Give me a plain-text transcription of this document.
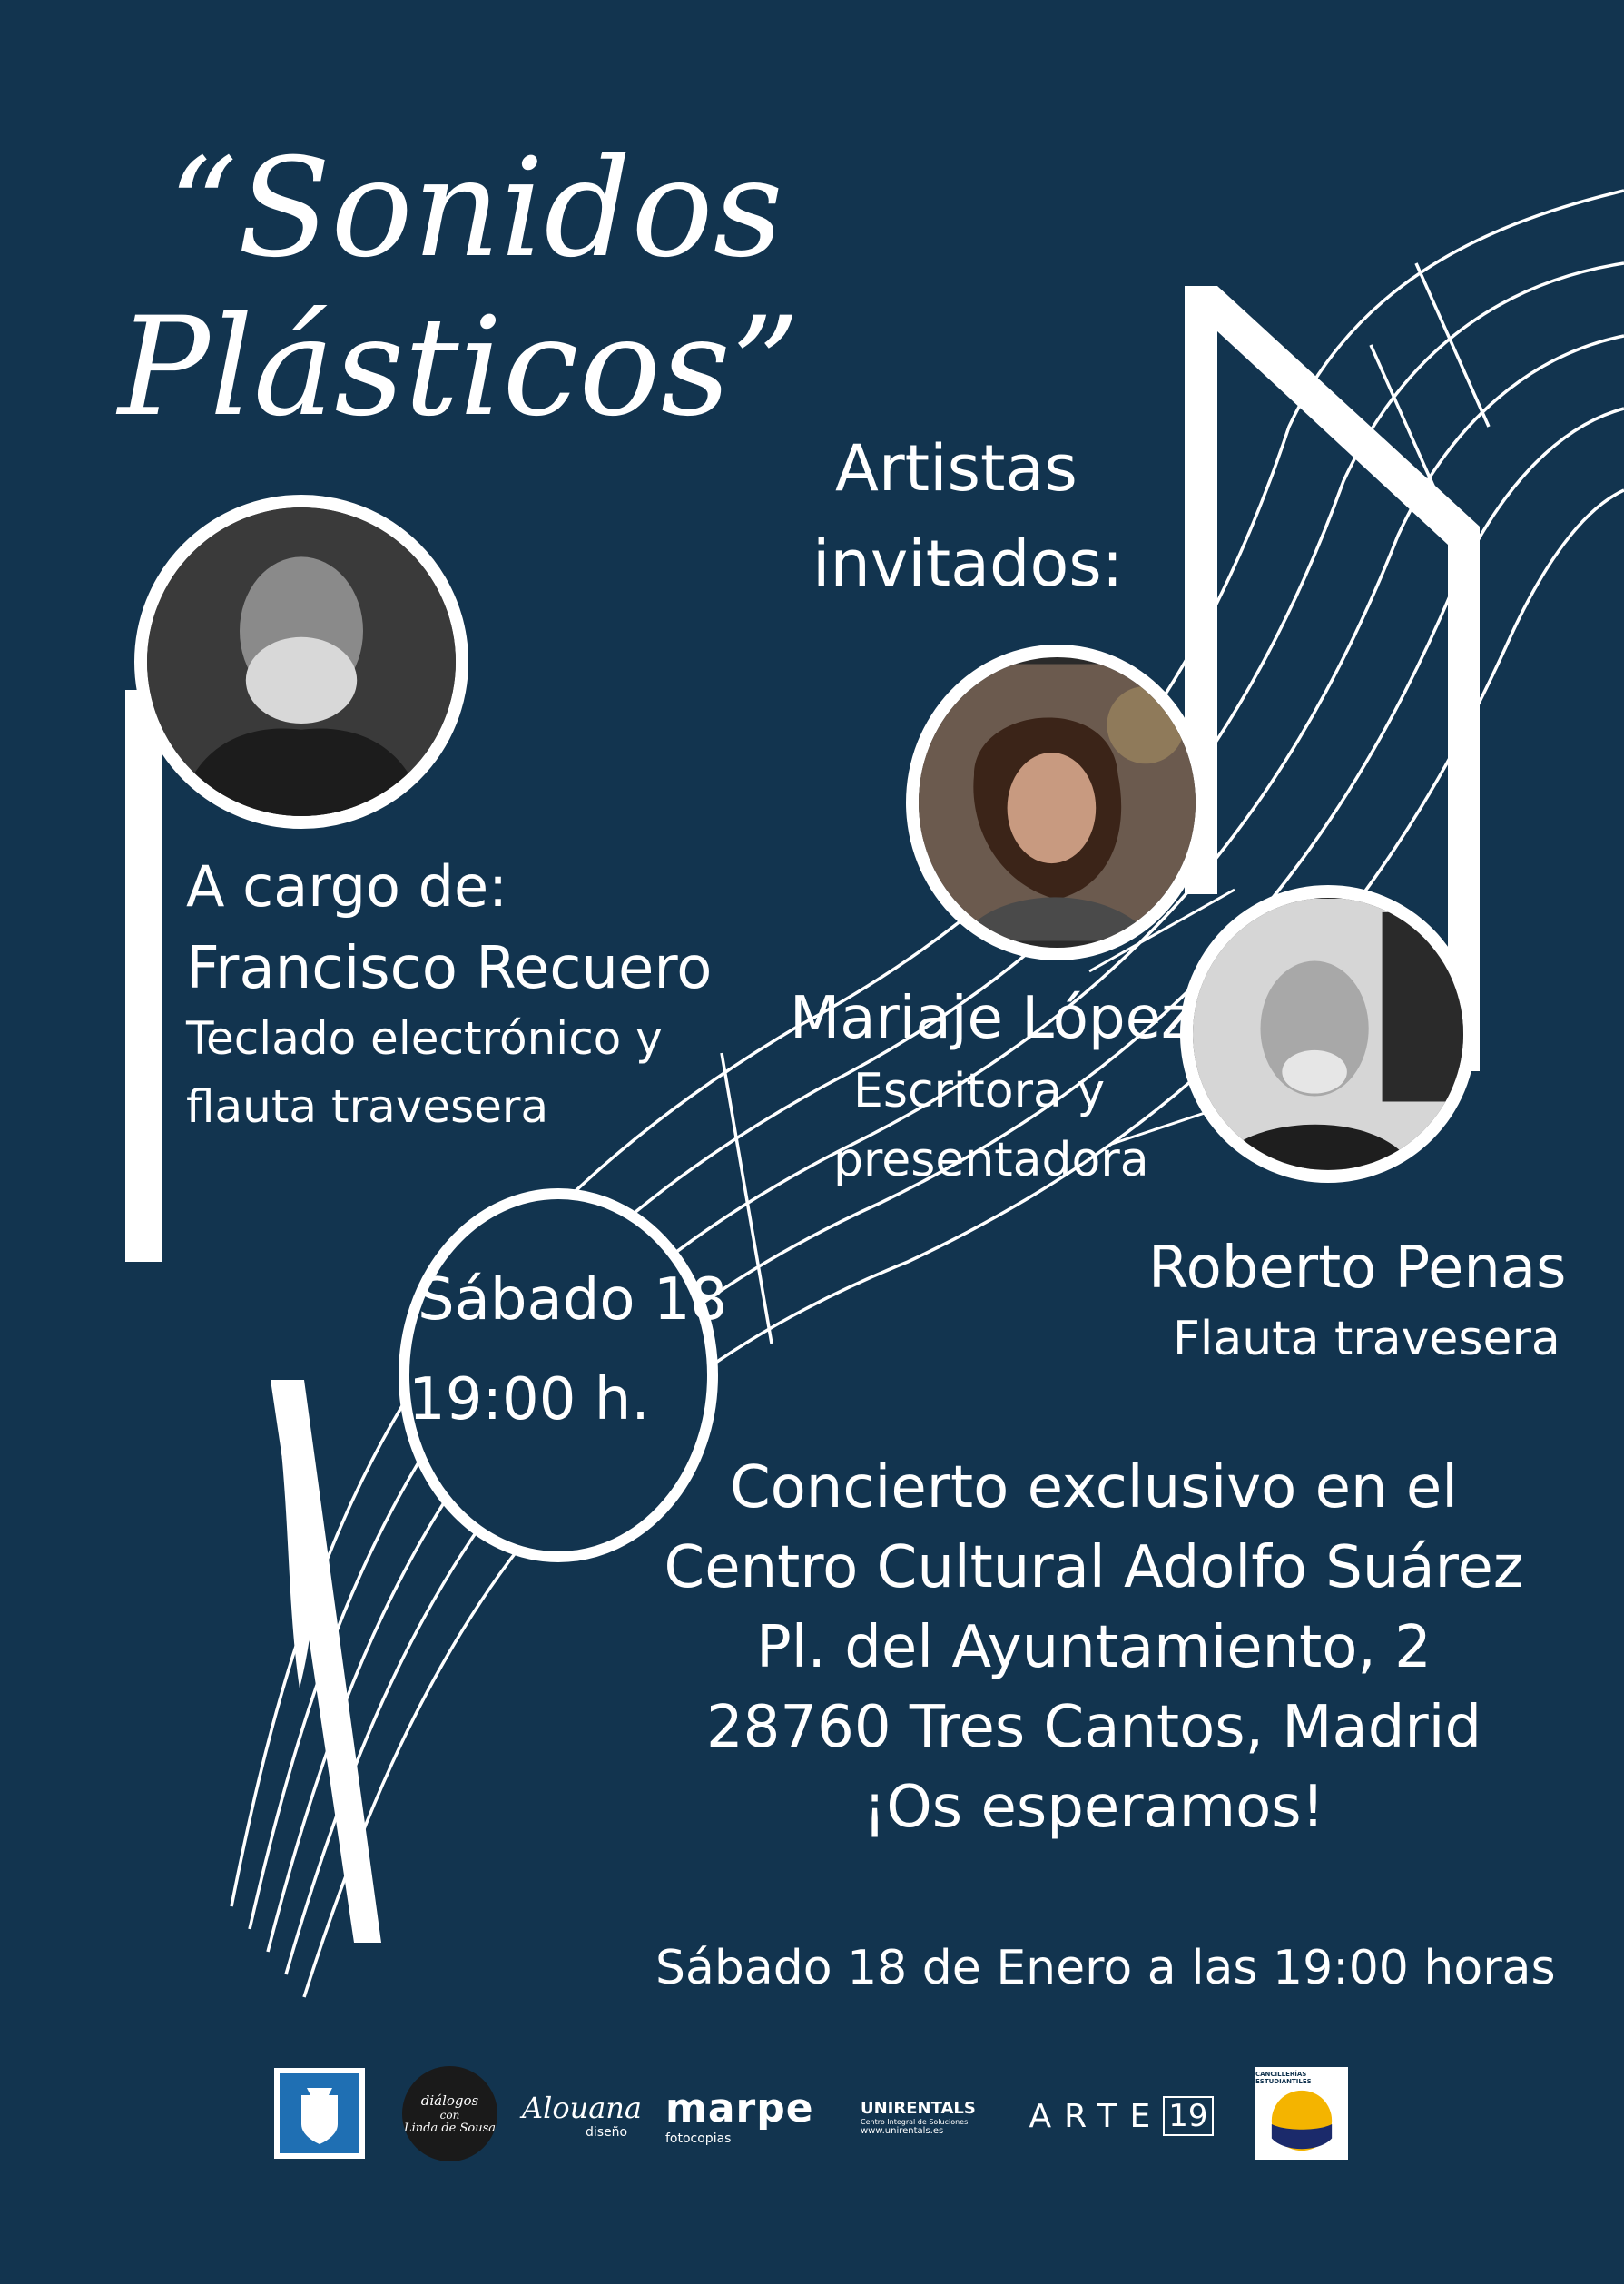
“Sonidos
Plásticos”
A cargo de:
Francisco Recuero
Teclado electrónico y
flauta travesera
Artistas
invitados:
Mariaje López
Escritora y
presentadora
Roberto Penas
Flauta travesera
Sábado 18
19:00 h.
Concierto exclusivo en el
Centro Cultural Adolfo Suárez
Pl. del Ayuntamiento, 2
28760 Tres Cantos, Madrid
¡Os esperamos!
Sábado 18 de Enero a las 19:00 horas
diálogos
con
Linda de Sousa
Alouana
diseño
marpe
fotocopias
UNIRENTALS
Centro Integral de Soluciones
www.unirentals.es	ARTE 19
CANCILLERÍAS ESTUDIANTILES
